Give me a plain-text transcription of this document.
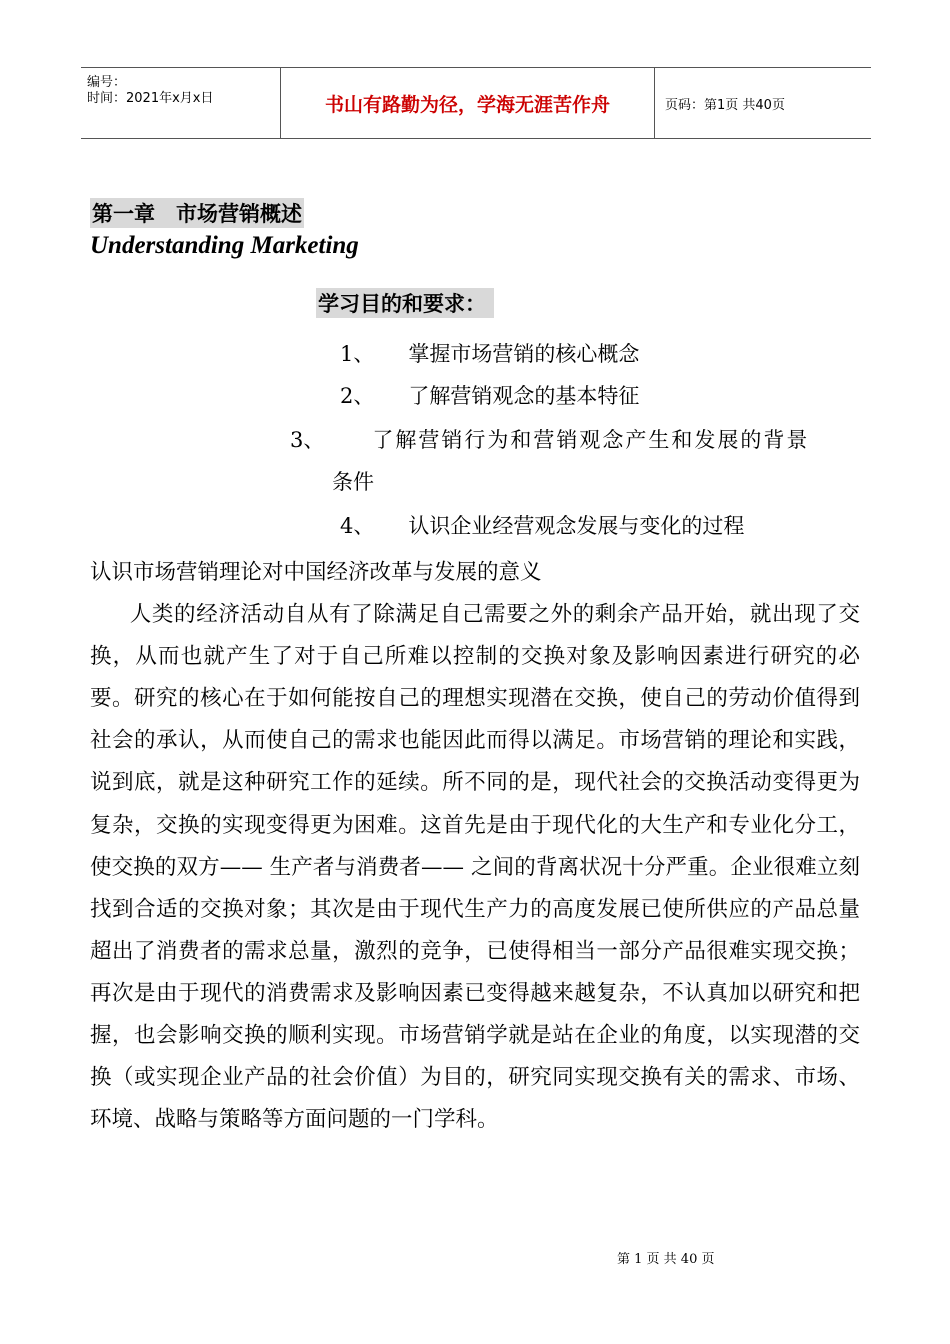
编号：
时间：2021年x月x日	书山有路勤为径，学海无涯苦作舟	页码：第1页 共40页
第一章　市场营销概述
Understanding Marketing
学习目的和要求：
1、 掌握市场营销的核心概念
2、 了解营销观念的基本特征
3、 了解营销行为和营销观念产生和发展的背景
条件
4、 认识企业经营观念发展与变化的过程

认识市场营销理论对中国经济改革与发展的意义

人类的经济活动自从有了除满足自己需要之外的剩余产品开始，就出现了交换，从而也就产生了对于自己所难以控制的交换对象及影响因素进行研究的必要。研究的核心在于如何能按自己的理想实现潜在交换，使自己的劳动价值得到社会的承认，从而使自己的需求也能因此而得以满足。市场营销的理论和实践，说到底，就是这种研究工作的延续。所不同的是，现代社会的交换活动变得更为复杂，交换的实现变得更为困难。这首先是由于现代化的大生产和专业化分工，使交换的双方—— 生产者与消费者—— 之间的背离状况十分严重。企业很难立刻找到合适的交换对象；其次是由于现代生产力的高度发展已使所供应的产品总量超出了消费者的需求总量，激烈的竞争，已使得相当一部分产品很难实现交换；再次是由于现代的消费需求及影响因素已变得越来越复杂，不认真加以研究和把握，也会影响交换的顺利实现。市场营销学就是站在企业的角度，以实现潜的交换（或实现企业产品的社会价值）为目的，研究同实现交换有关的需求、市场、环境、战略与策略等方面问题的一门学科。

第 1 页 共 40 页
